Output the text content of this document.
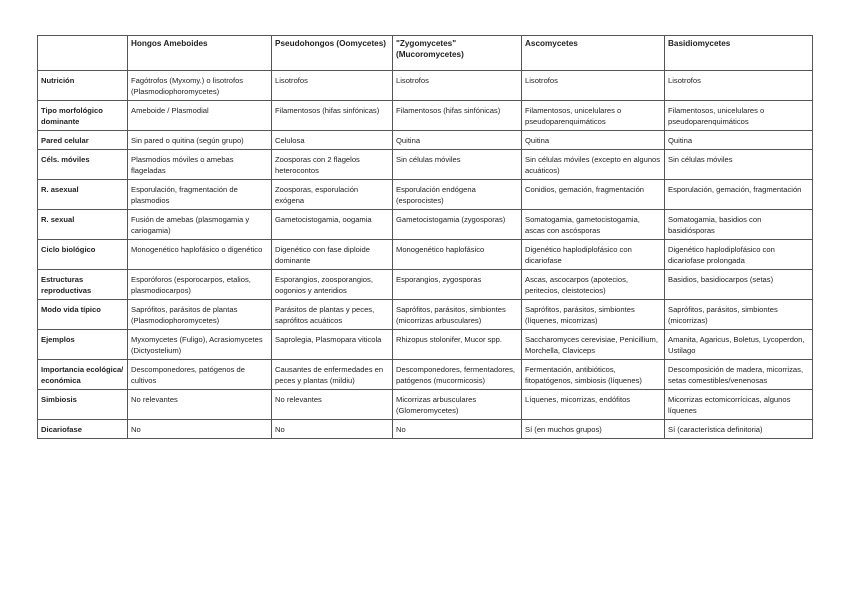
	Hongos Ameboides	Pseudohongos (Oomycetes)	"Zygomycetes" (Mucoromycetes)	Ascomycetes	Basidiomycetes
Nutrición	Fagótrofos (Myxomy.) o lisotrofos (Plasmodiophoromycetes)	Lisotrofos	Lisotrofos	Lisotrofos	Lisotrofos
Tipo morfológico dominante	Ameboide / Plasmodial	Filamentosos (hifas sinfónicas)	Filamentosos (hifas sinfónicas)	Filamentosos, unicelulares o pseudoparenquimáticos	Filamentosos, unicelulares o pseudoparenquimáticos
Pared celular	Sin pared o quitina (según grupo)	Celulosa	Quitina	Quitina	Quitina
Céls. móviles	Plasmodios móviles o amebas flageladas	Zoosporas con 2 flagelos heterocontos	Sin células móviles	Sin células móviles (excepto en algunos acuáticos)	Sin células móviles
R. asexual	Esporulación, fragmentación de plasmodios	Zoosporas, esporulación exógena	Esporulación endógena (esporocistes)	Conidios, gemación, fragmentación	Esporulación, gemación, fragmentación
R. sexual	Fusión de amebas (plasmogamia y cariogamia)	Gametocistogamia, oogamia	Gametocistogamia (zygosporas)	Somatogamia, gametocistogamia, ascas con ascósporas	Somatogamia, basidios con basidiósporas
Ciclo biológico	Monogenético haplofásico o digenético	Digenético con fase diploide dominante	Monogenético haplofásico	Digenético haplodiplofásico con dicariofase	Digenético haplodiplofásico con dicariofase prolongada
Estructuras reproductivas	Esporóforos (esporocarpos, etalios, plasmodiocarpos)	Esporangios, zoosporangios, oogonios y anteridios	Esporangios, zygosporas	Ascas, ascocarpos (apotecios, peritecios, cleistotecios)	Basidios, basidiocarpos (setas)
Modo vida típico	Saprófitos, parásitos de plantas (Plasmodiophoromycetes)	Parásitos de plantas y peces, saprófitos acuáticos	Saprófitos, parásitos, simbiontes (micorrizas arbusculares)	Saprófitos, parásitos, simbiontes (líquenes, micorrizas)	Saprófitos, parásitos, simbiontes (micorrizas)
Ejemplos	Myxomycetes (Fuligo), Acrasiomycetes (Dictyostelium)	Saprolegia, Plasmopara viticola	Rhizopus stolonifer, Mucor spp.	Saccharomyces cerevisiae, Penicillium, Morchella, Claviceps	Amanita, Agaricus, Boletus, Lycoperdon, Ustilago
Importancia ecológica/ económica	Descomponedores, patógenos de cultivos	Causantes de enfermedades en peces y plantas (mildiu)	Descomponedores, fermentadores, patógenos (mucormicosis)	Fermentación, antibióticos, fitopatógenos, simbiosis (líquenes)	Descomposición de madera, micorrizas, setas comestibles/venenosas
Simbiosis	No relevantes	No relevantes	Micorrizas arbusculares (Glomeromycetes)	Líquenes, micorrizas, endófitos	Micorrizas ectomicorrícicas, algunos líquenes
Dicariofase	No	No	No	Sí (en muchos grupos)	Sí (característica definitoria)
